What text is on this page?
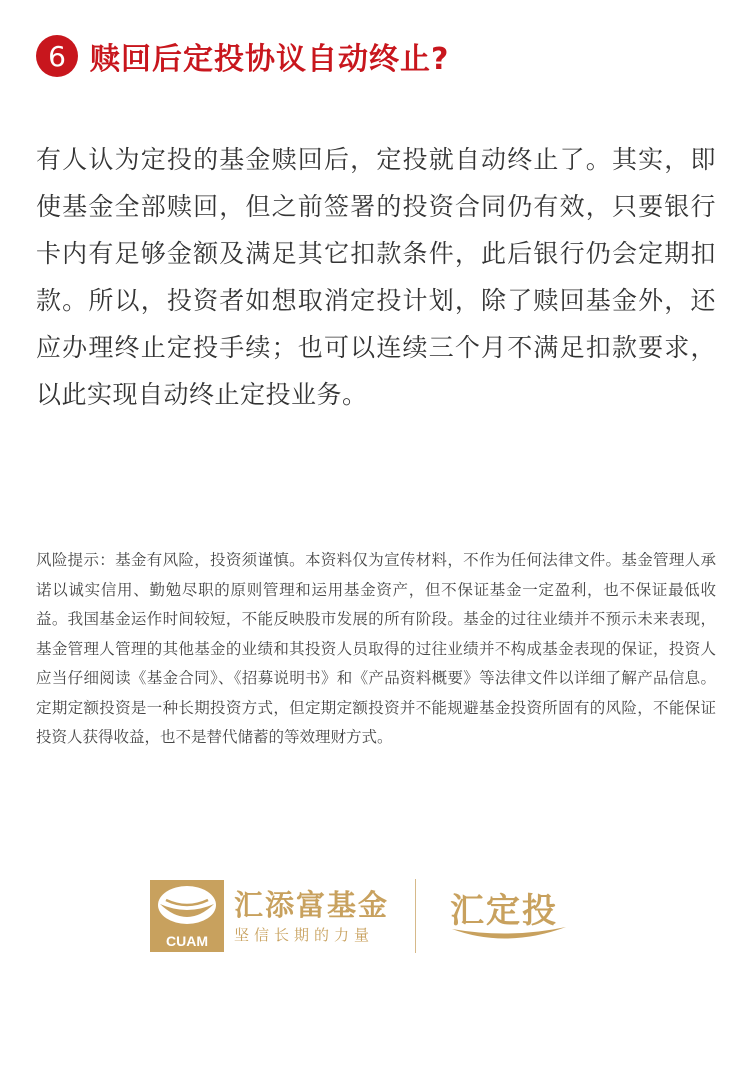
6 赎回后定投协议自动终止?

有人认为定投的基金赎回后，定投就自动终止了。其实，即使基金全部赎回，但之前签署的投资合同仍有效，只要银行卡内有足够金额及满足其它扣款条件，此后银行仍会定期扣款。所以，投资者如想取消定投计划，除了赎回基金外，还应办理终止定投手续；也可以连续三个月不满足扣款要求，以此实现自动终止定投业务。

风险提示：基金有风险，投资须谨慎。本资料仅为宣传材料，不作为任何法律文件。基金管理人承诺以诚实信用、勤勉尽职的原则管理和运用基金资产，但不保证基金一定盈利，也不保证最低收益。我国基金运作时间较短，不能反映股市发展的所有阶段。基金的过往业绩并不预示未来表现，基金管理人管理的其他基金的业绩和其投资人员取得的过往业绩并不构成基金表现的保证，投资人应当仔细阅读《基金合同》、《招募说明书》和《产品资料概要》等法律文件以详细了解产品信息。定期定额投资是一种长期投资方式，但定期定额投资并不能规避基金投资所固有的风险，不能保证投资人获得收益，也不是替代储蓄的等效理财方式。

CUAM
汇添富基金
坚信长期的力量
汇定投
